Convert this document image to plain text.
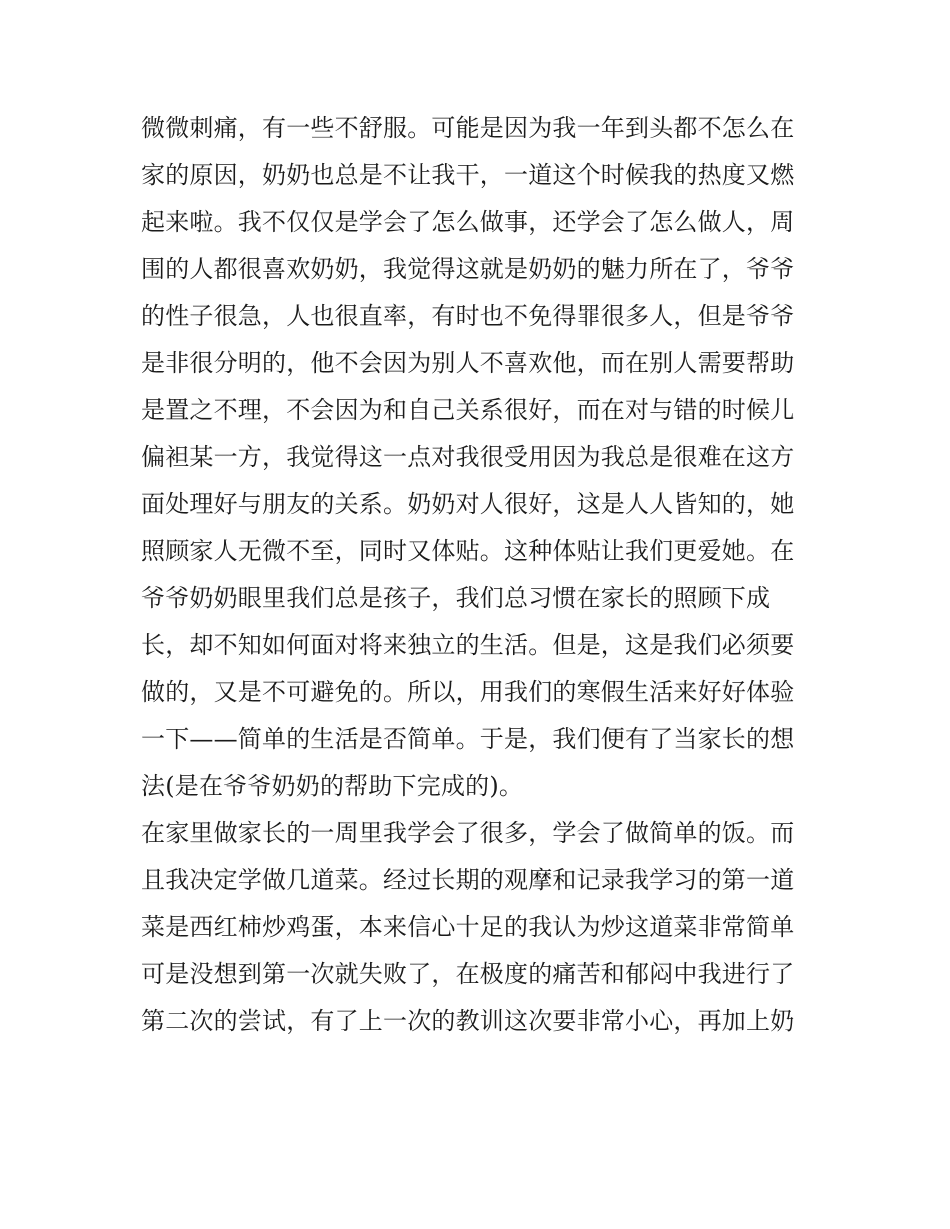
微微刺痛，有一些不舒服。可能是因为我一年到头都不怎么在
家的原因，奶奶也总是不让我干，一道这个时候我的热度又燃
起来啦。我不仅仅是学会了怎么做事，还学会了怎么做人，周
围的人都很喜欢奶奶，我觉得这就是奶奶的魅力所在了，爷爷
的性子很急，人也很直率，有时也不免得罪很多人，但是爷爷
是非很分明的，他不会因为别人不喜欢他，而在别人需要帮助
是置之不理，不会因为和自己关系很好，而在对与错的时候儿
偏袒某一方，我觉得这一点对我很受用因为我总是很难在这方
面处理好与朋友的关系。奶奶对人很好，这是人人皆知的，她
照顾家人无微不至，同时又体贴。这种体贴让我们更爱她。在
爷爷奶奶眼里我们总是孩子，我们总习惯在家长的照顾下成
长，却不知如何面对将来独立的生活。但是，这是我们必须要
做的，又是不可避免的。所以，用我们的寒假生活来好好体验
一下——简单的生活是否简单。于是，我们便有了当家长的想
法(是在爷爷奶奶的帮助下完成的)。
在家里做家长的一周里我学会了很多，学会了做简单的饭。而
且我决定学做几道菜。经过长期的观摩和记录我学习的第一道
菜是西红柿炒鸡蛋，本来信心十足的我认为炒这道菜非常简单
可是没想到第一次就失败了，在极度的痛苦和郁闷中我进行了
第二次的尝试，有了上一次的教训这次要非常小心，再加上奶
